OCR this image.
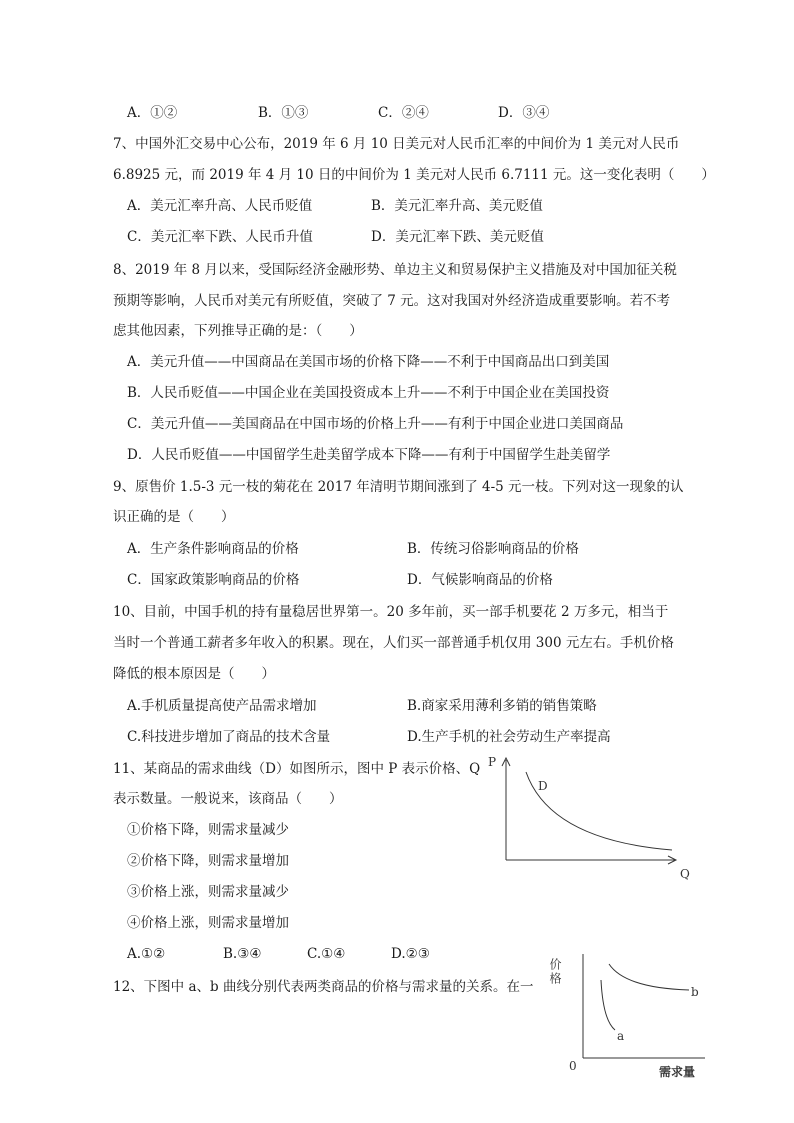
A．①②	B．①③	C．②④	D．③④
7、中国外汇交易中心公布，2019 年 6 月 10 日美元对人民币汇率的中间价为 1 美元对人民币
6.8925 元，而 2019 年 4 月 10 日的中间价为 1 美元对人民币 6.7111 元。这一变化表明（　　）
A．美元汇率升高、人民币贬值	B．美元汇率升高、美元贬值
C．美元汇率下跌、人民币升值	D．美元汇率下跌、美元贬值
8、2019 年 8 月以来，受国际经济金融形势、单边主义和贸易保护主义措施及对中国加征关税
预期等影响，人民币对美元有所贬值，突破了 7 元。这对我国对外经济造成重要影响。若不考
虑其他因素，下列推导正确的是：（　　）
A．美元升值——中国商品在美国市场的价格下降——不利于中国商品出口到美国
B．人民币贬值——中国企业在美国投资成本上升——不利于中国企业在美国投资
C．美元升值——美国商品在中国市场的价格上升——有利于中国企业进口美国商品
D．人民币贬值——中国留学生赴美留学成本下降——有利于中国留学生赴美留学
9、原售价 1.5-3 元一枝的菊花在 2017 年清明节期间涨到了 4-5 元一枝。下列对这一现象的认
识正确的是（　　）
A．生产条件影响商品的价格	B．传统习俗影响商品的价格
C．国家政策影响商品的价格	D．气候影响商品的价格
10、目前，中国手机的持有量稳居世界第一。20 多年前，买一部手机要花 2 万多元，相当于
当时一个普通工薪者多年收入的积累。现在，人们买一部普通手机仅用 300 元左右。手机价格
降低的根本原因是（　　）
A.手机质量提高使产品需求增加	B.商家采用薄利多销的销售策略
C.科技进步增加了商品的技术含量	D.生产手机的社会劳动生产率提高
11、某商品的需求曲线（D）如图所示，图中 P 表示价格、Q
表示数量。一般说来，该商品（　　）
①价格下降，则需求量减少
②价格下降，则需求量增加
③价格上涨，则需求量减少
④价格上涨，则需求量增加
A.①②	B.③④	C.①④	D.②③
P
D
Q
12、下图中 a、b 曲线分别代表两类商品的价格与需求量的关系。在一
价格
b
a
0	需求量
